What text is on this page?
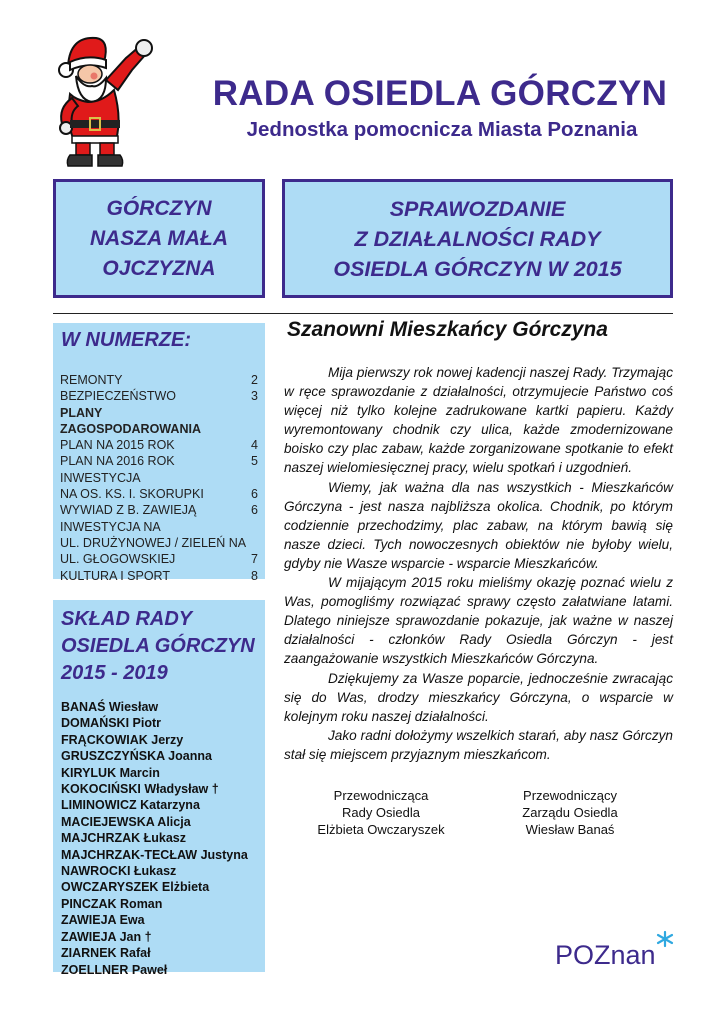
RADA OSIEDLA GÓRCZYN
Jednostka pomocnicza Miasta Poznania
GÓRCZYN
NASZA MAŁA
OJCZYZNA
SPRAWOZDANIE
Z DZIAŁALNOŚCI RADY
OSIEDLA GÓRCZYN W 2015
W NUMERZE:
REMONTY	2
BEZPIECZEŃSTWO	3
PLANY
ZAGOSPODAROWANIA
PLAN NA 2015 ROK	4
PLAN NA 2016 ROK	5
INWESTYCJA
NA OS. KS. I. SKORUPKI	6
WYWIAD Z B. ZAWIEJĄ	6
INWESTYCJA NA
UL. DRUŻYNOWEJ / ZIELEŃ NA
UL. GŁOGOWSKIEJ	7
KULTURA I SPORT	8
SKŁAD RADY
OSIEDLA GÓRCZYN
2015 - 2019
BANAŚ Wiesław
DOMAŃSKI Piotr
FRĄCKOWIAK Jerzy
GRUSZCZYŃSKA Joanna
KIRYLUK Marcin
KOKOCIŃSKI Władysław †
LIMINOWICZ Katarzyna
MACIEJEWSKA Alicja
MAJCHRZAK Łukasz
MAJCHRZAK-TECŁAW Justyna
NAWROCKI Łukasz
OWCZARYSZEK Elżbieta
PINCZAK Roman
ZAWIEJA Ewa
ZAWIEJA Jan †
ZIARNEK Rafał
ZOELLNER Paweł
Szanowni Mieszkańcy Górczyna

Mija pierwszy rok nowej kadencji naszej Rady. Trzymając w ręce sprawozdanie z działalności, otrzymujecie Państwo coś więcej niż tylko kolejne zadrukowane kartki papieru. Każdy wyremontowany chodnik czy ulica, każde zmodernizowane boisko czy plac zabaw, każde zorganizowane spotkanie to efekt naszej wielomiesięcznej pracy, wielu spotkań i uzgodnień.

Wiemy, jak ważna dla nas wszystkich - Mieszkańców Górczyna - jest nasza najbliższa okolica. Chodnik, po którym codziennie przechodzimy, plac zabaw, na którym bawią się nasze dzieci. Tych nowoczesnych obiektów nie byłoby wielu, gdyby nie Wasze wsparcie - wsparcie Mieszkańców.

W mijającym 2015 roku mieliśmy okazję poznać wielu z Was, pomogliśmy rozwiązać sprawy często załatwiane latami. Dlatego niniejsze sprawozdanie pokazuje, jak ważne w naszej działalności - członków Rady Osiedla Górczyn - jest zaangażowanie wszystkich Mieszkańców Górczyna.

Dziękujemy za Wasze poparcie, jednocześnie zwracając się do Was, drodzy mieszkańcy Górczyna, o wsparcie w kolejnym roku naszej działalności.

Jako radni dołożymy wszelkich starań, aby nasz Górczyn stał się miejscem przyjaznym mieszkańcom.

Przewodnicząca
Rady Osiedla
Elżbieta Owczaryszek
Przewodniczący
Zarządu Osiedla
Wiesław Banaś
POZnan
